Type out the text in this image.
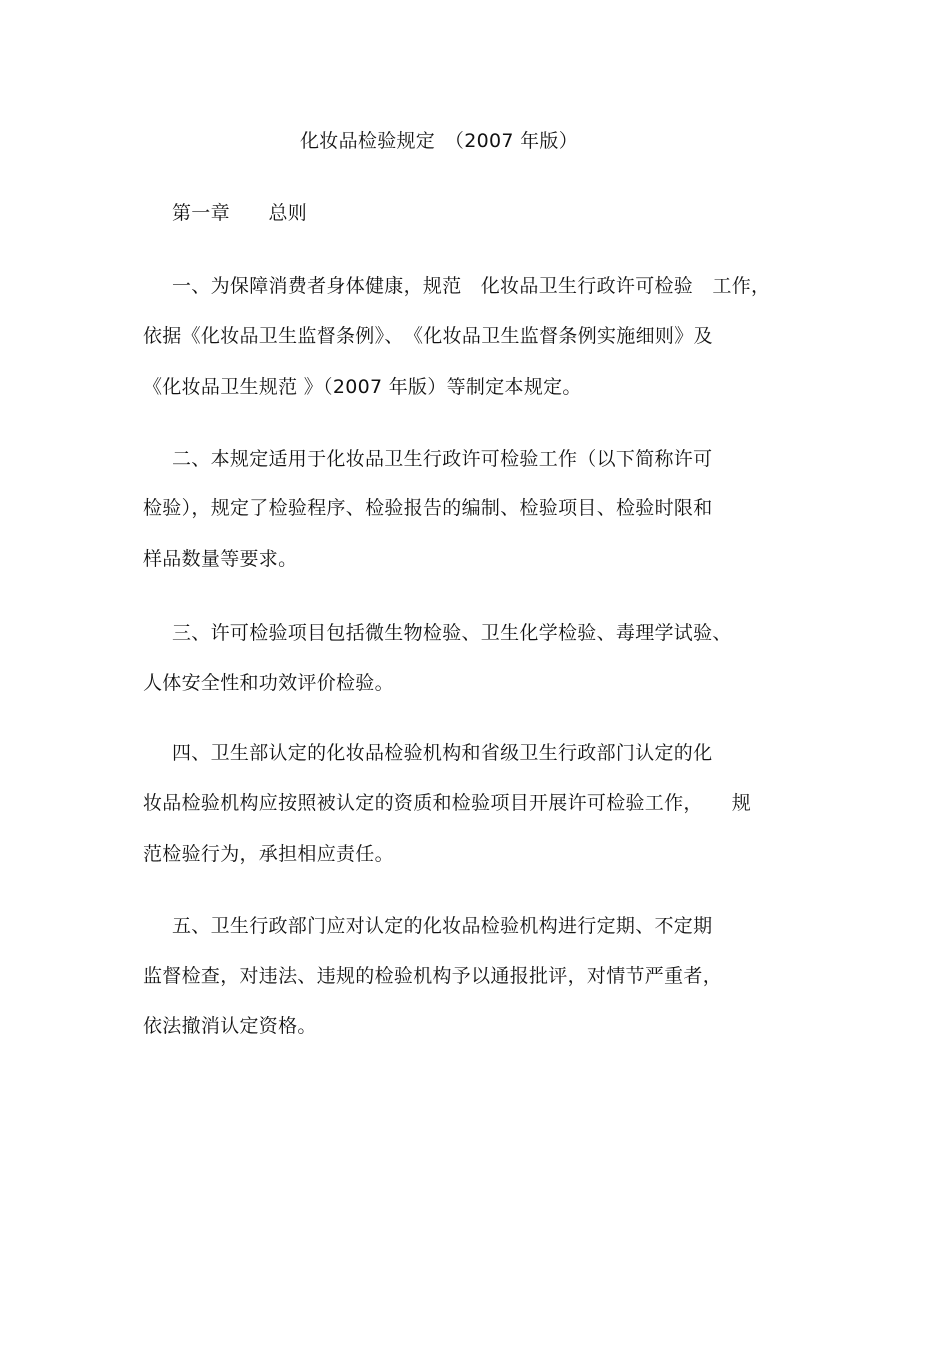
化妆品检验规定　（2007 年版）
第一章　　总则
一、为保障消费者身体健康，规范　化妆品卫生行政许可检验　工作，
依据《化妆品卫生监督条例》、　《化妆品卫生监督条例实施细则》及
《化妆品卫生规范 》（2007 年版）等制定本规定。
二、本规定适用于化妆品卫生行政许可检验工作（以下简称许可
检验），规定了检验程序、检验报告的编制、检验项目、检验时限和
样品数量等要求。
三、许可检验项目包括微生物检验、卫生化学检验、毒理学试验、
人体安全性和功效评价检验。
四、卫生部认定的化妆品检验机构和省级卫生行政部门认定的化
妆品检验机构应按照被认定的资质和检验项目开展许可检验工作，　　规
范检验行为，承担相应责任。
五、卫生行政部门应对认定的化妆品检验机构进行定期、不定期
监督检查，对违法、违规的检验机构予以通报批评，对情节严重者，
依法撤消认定资格。
